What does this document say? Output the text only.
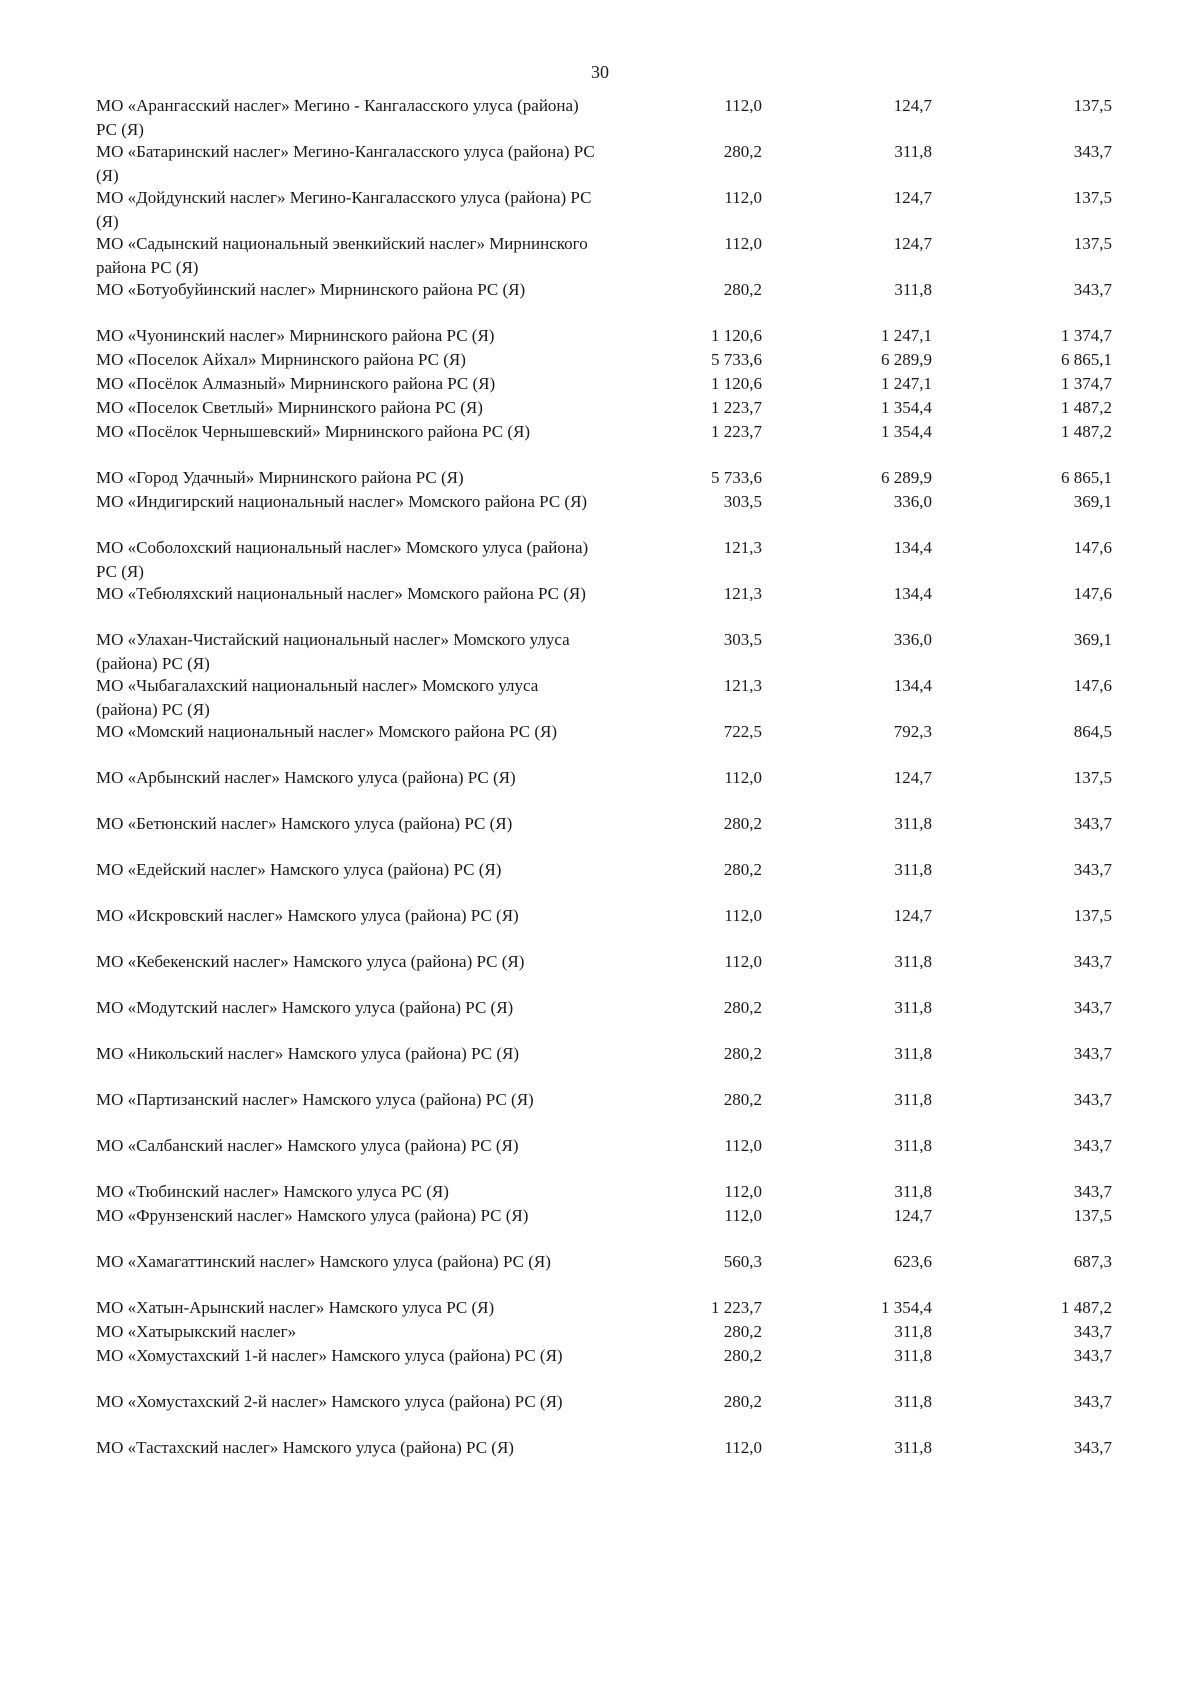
30
МО «Арангасский наслег» Мегино - Кангаласского улуса (района) РС (Я)
112,0	124,7	137,5
МО «Батаринский наслег» Мегино-Кангаласского улуса (района) РС (Я)
280,2	311,8	343,7
МО «Дойдунский наслег» Мегино-Кангаласского улуса (района) РС (Я)
112,0	124,7	137,5
МО «Садынский национальный эвенкийский наслег» Мирнинского района РС (Я)
112,0	124,7	137,5
МО «Ботуобуйинский наслег» Мирнинского района РС (Я)	280,2	311,8	343,7
МО «Чуонинский наслег» Мирнинского района РС (Я)	1 120,6	1 247,1	1 374,7
МО «Поселок Айхал» Мирнинского района РС (Я)	5 733,6	6 289,9	6 865,1
МО «Посёлок Алмазный» Мирнинского района РС (Я)	1 120,6	1 247,1	1 374,7
МО «Поселок Светлый» Мирнинского района РС (Я)	1 223,7	1 354,4	1 487,2
МО «Посёлок Чернышевский» Мирнинского района РС (Я)	1 223,7	1 354,4	1 487,2
МО «Город Удачный» Мирнинского района РС (Я)	5 733,6	6 289,9	6 865,1
МО «Индигирский национальный наслег» Момского района РС (Я)	303,5	336,0	369,1
МО «Соболохский национальный наслег» Момского улуса (района) РС (Я)
121,3	134,4	147,6
МО «Тебюляхский национальный наслег» Момского района РС (Я)	121,3	134,4	147,6
МО «Улахан-Чистайский национальный наслег» Момского улуса (района) РС (Я)
303,5	336,0	369,1
МО «Чыбагалахский национальный наслег» Момского улуса (района) РС (Я)
121,3	134,4	147,6
МО «Момский национальный наслег» Момского района РС (Я)	722,5	792,3	864,5
МО «Арбынский наслег» Намского улуса (района) РС (Я)	112,0	124,7	137,5
МО «Бетюнский наслег» Намского улуса (района) РС (Я)	280,2	311,8	343,7
МО «Едейский наслег» Намского улуса (района) РС (Я)	280,2	311,8	343,7
МО «Искровский наслег» Намского улуса (района) РС (Я)	112,0	124,7	137,5
МО «Кебекенский наслег» Намского улуса (района) РС (Я)	112,0	311,8	343,7
МО «Модутский наслег» Намского улуса (района) РС (Я)	280,2	311,8	343,7
МО «Никольский наслег» Намского улуса (района) РС (Я)	280,2	311,8	343,7
МО «Партизанский наслег» Намского улуса (района) РС (Я)	280,2	311,8	343,7
МО «Салбанский наслег» Намского улуса (района) РС (Я)	112,0	311,8	343,7
МО «Тюбинский наслег» Намского улуса РС (Я)	112,0	311,8	343,7
МО «Фрунзенский наслег» Намского улуса (района) РС (Я)	112,0	124,7	137,5
МО «Хамагаттинский наслег» Намского улуса (района) РС (Я)	560,3	623,6	687,3
МО «Хатын-Арынский наслег» Намского улуса РС (Я)	1 223,7	1 354,4	1 487,2
МО «Хатырыкский наслег»	280,2	311,8	343,7
МО «Хомустахский 1-й наслег» Намского улуса (района) РС (Я)	280,2	311,8	343,7
МО «Хомустахский 2-й наслег» Намского улуса (района) РС (Я)	280,2	311,8	343,7
МО «Тастахский наслег» Намского улуса (района) РС (Я)	112,0	311,8	343,7
